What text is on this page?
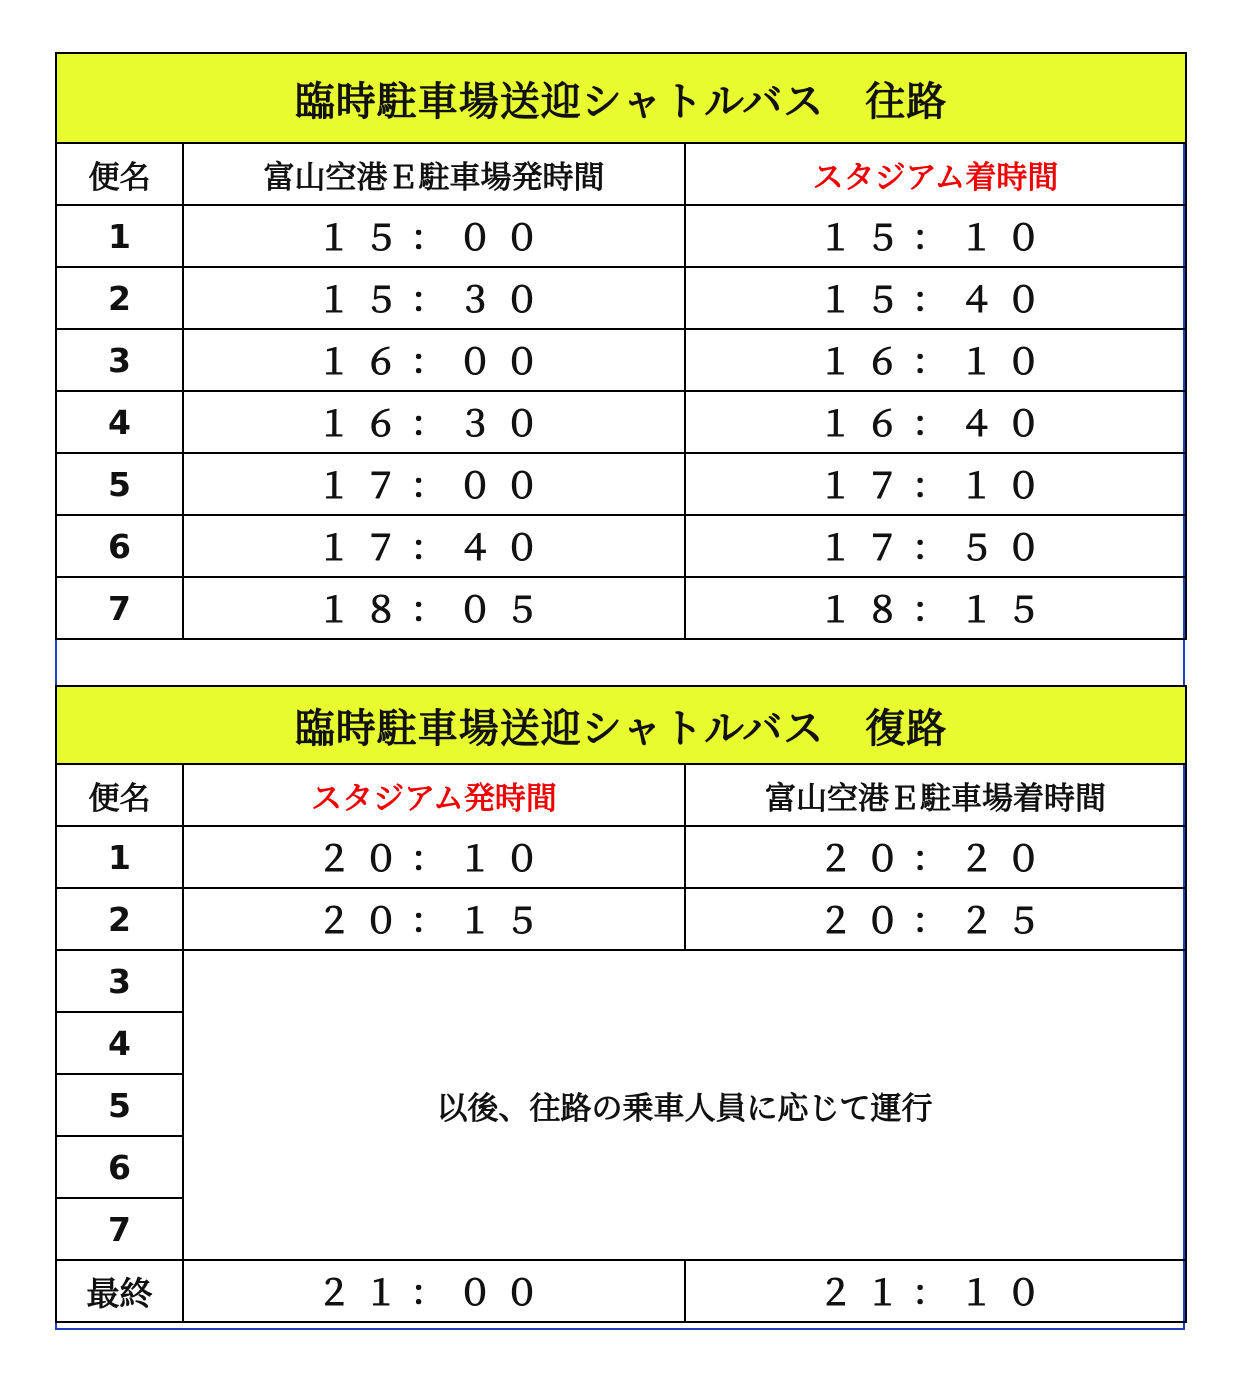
臨時駐車場送迎シャトルバス　往路		
便名	富山空港Ｅ駐車場発時間	スタジアム着時間
1	１５：００	１５：１０
2	１５：３０	１５：４０
3	１６：００	１６：１０
4	１６：３０	１６：４０
5	１７：００	１７：１０
6	１７：４０	１７：５０
7	１８：０５	１８：１５
臨時駐車場送迎シャトルバス　復路		
便名	スタジアム発時間	富山空港Ｅ駐車場着時間
1	２０：１０	２０：２０
2	２０：１５	２０：２５
3	以後、往路の乗車人員に応じて運行	
4		
5		
6		
7		
最終	２１：００	２１：１０
